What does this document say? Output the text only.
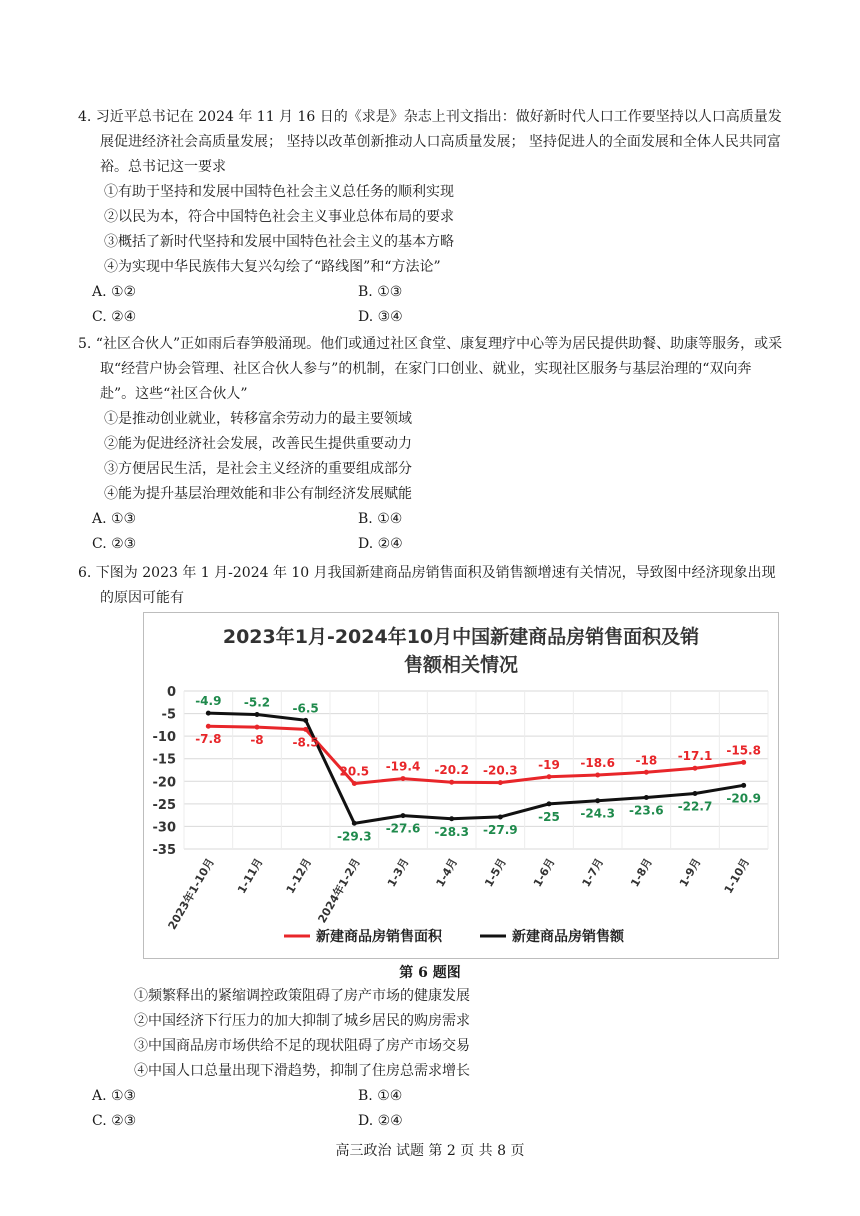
4. 习近平总书记在 2024 年 11 月 16 日的《求是》杂志上刊文指出：做好新时代人口工作要坚持以人口高质量发展促进经济社会高质量发展； 坚持以改革创新推动人口高质量发展； 坚持促进人的全面发展和全体人民共同富裕。总书记这一要求

①有助于坚持和发展中国特色社会主义总任务的顺利实现

②以民为本，符合中国特色社会主义事业总体布局的要求

③概括了新时代坚持和发展中国特色社会主义的基本方略

④为实现中华民族伟大复兴勾绘了“路线图”和“方法论”

A. ①②	B. ①③
C. ②④	D. ③④

5. “社区合伙人”正如雨后春笋般涌现。他们或通过社区食堂、康复理疗中心等为居民提供助餐、助康等服务，或采取“经营户协会管理、社区合伙人参与”的机制，在家门口创业、就业，实现社区服务与基层治理的“双向奔赴”。这些“社区合伙人”

①是推动创业就业，转移富余劳动力的最主要领域

②能为促进经济社会发展，改善民生提供重要动力

③方便居民生活，是社会主义经济的重要组成部分

④能为提升基层治理效能和非公有制经济发展赋能

A. ①③	B. ①④
C. ②③	D. ②④

6. 下图为 2023 年 1 月-2024 年 10 月我国新建商品房销售面积及销售额增速有关情况，导致图中经济现象出现的原因可能有

2023年1月-2024年10月中国新建商品房销售面积及销
售额相关情况
0
-5
-10
-15
-20
-25
-30
-35
2023年1-10月 1-11月 1-12月 2024年1-2月 1-3月 1-4月 1-5月 1-6月 1-7月 1-8月 1-9月 1-10月
-7.8 -8 -8.5
20.5 -19.4 -20.2 -20.3 -19 -18.6 -18 -17.1 -15.8
-4.9 -5.2 -6.5
-29.3
-27.6 -28.3 -27.9
-25 -24.3 -23.6 -22.7
-20.9
新建商品房销售面积	新建商品房销售额
第 6 题图

①频繁释出的紧缩调控政策阻碍了房产市场的健康发展

②中国经济下行压力的加大抑制了城乡居民的购房需求

③中国商品房市场供给不足的现状阻碍了房产市场交易

④中国人口总量出现下滑趋势，抑制了住房总需求增长

A. ①③	B. ①④
C. ②③	D. ②④
高三政治 试题 第 2 页 共 8 页
